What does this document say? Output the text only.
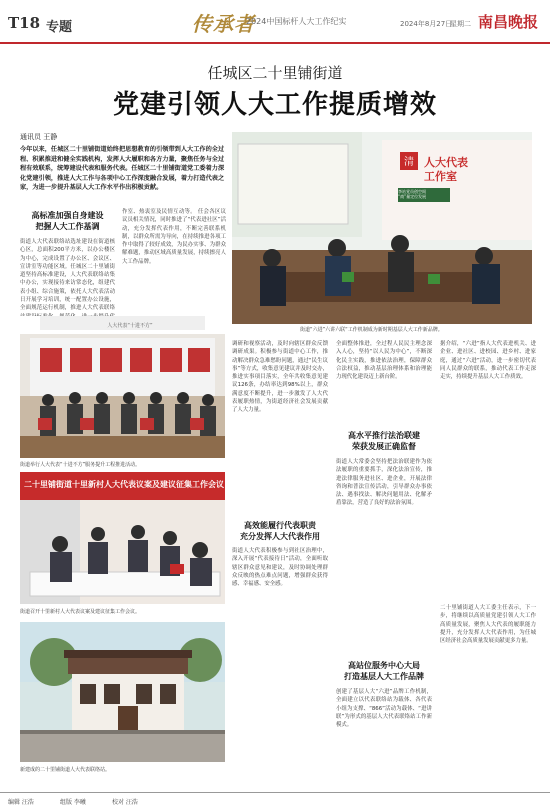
T18 专题	传承者
2024中国标杆人大工作纪实	2024年8月27日
星期二 南昌晚报
任城区二十里铺街道
党建引领人大工作提质增效
通讯员 王静
今年以来，任城区二十里铺街道始终把思想教育的引领带到人大工作的全过程、积累推进和健全实践机构，发挥人大履职和各方力量，聚焦任务与全过程有效联系，统筹建设代表和服务代表。任城区二十里铺街道党工委着力深化党建引领，推进人大工作与各项中心工作深度融合发展，着力打造代表之家，为进一步提升基层人大工作水平作出积极贡献。
高标准加强自身建设
把握人大工作基调
街道人大代表联络站选址建设在街道核心区，总面积200平方米，以办公楼区为中心，完成设置了办公区、会议区、宣讲室等功能区域。任城区二十里铺街道坚持高标准建设，人大代表联络站集中办公，实现接待来访常态化，组建代表小组、综合施策，依托人大代表活动日开展学习培训，统一配置办公设施，全面规范运行机制，推进人大代表联络
作室、热衷室及民情互动等。 任会各区议议员相关情况，同时推进了“代表进社区”活动，充分发挥代表作用，不断完善联系机制，以群众所需为导向，在持续推进各项工作中取得了较好成效，为民办实事、为群众解难题，推动区域高质量发展，持续擦亮人大工作品牌。
清 人大代表
工作室
李站党员创空间
“商”量定位发展
街道“六进”六讲六联“工作机制成为新时期基层人大工作新品牌。
人大代表“十进不方”
街道举行人大代表“十进不方”服务提升工程推进活动。
二十里铺街道十里新村人大代表议案及建议征集工作会议
街道召开十里新村人大代表议案及建议征集工作会议。
新建成的二十里铺街道人大代表联络站。
调研和视察活动，及时向辖区群众反馈调研成果。积极参与街道中心工作，推动解决群众急难愁盼问题，通过“民生议事”等方式，收集意见建议并及时交办，推进实事项目落实，全年共收集意见建议126条，办结率达到98%以上，群众满意度不断提升，进一步激发了人大代表履职热情，为街道经济社会发展贡献了人大力量。
高效能履行代表职责
充分发挥人大代表作用
街道人大代表积极参与到社区治理中，深入开展“代表接待日”活动，全面听取辖区群众意见和建议，及时协调处理群众反映的热点难点问题，增强群众获得感、幸福感、安全感。
全面整体推进，全过程人民民主理念深入人心，坚持“以人民为中心”，不断深化民主实践，推进依法治理，保障群众合法权益，推动基层治理体系和治理能力现代化建设迈上新台阶。
高水平推行法治联建
荣获发展正确监督
街道人大常委会坚持把法治联建作为依法履职的重要抓手，深化法治宣传，推进法律服务进社区、进企业，开展法律咨询和普法宣传活动，引导群众办事依法、遇事找法、解决问题用法、化解矛盾靠法，营造了良好的法治氛围。
高站位服务中心大局
打造基层人大工作品牌
创建了基层人大“六进”品牌工作机制，全面建立以代表联络站为载体、各代表小组为支撑、“866”活动为载体、“进讲联”为形式的基层人大代表联络站工作新模式。
据介绍，“六进”指人大代表进机关、进企业、进社区、进校园、进乡村、进家庭，通过“六进”活动，进一步密切代表同人民群众的联系，推动代表工作走深走实，持续提升基层人大工作质效。
二十里铺街道人大工委主任表示，下一步，将继续以高质量党建引领人大工作高质量发展，聚焦人大代表的履职能力提升，充分发挥人大代表作用，为任城区经济社会高质量发展贡献更多力量。
编辑 汪浩	组版 李曦	校对 汪浩
